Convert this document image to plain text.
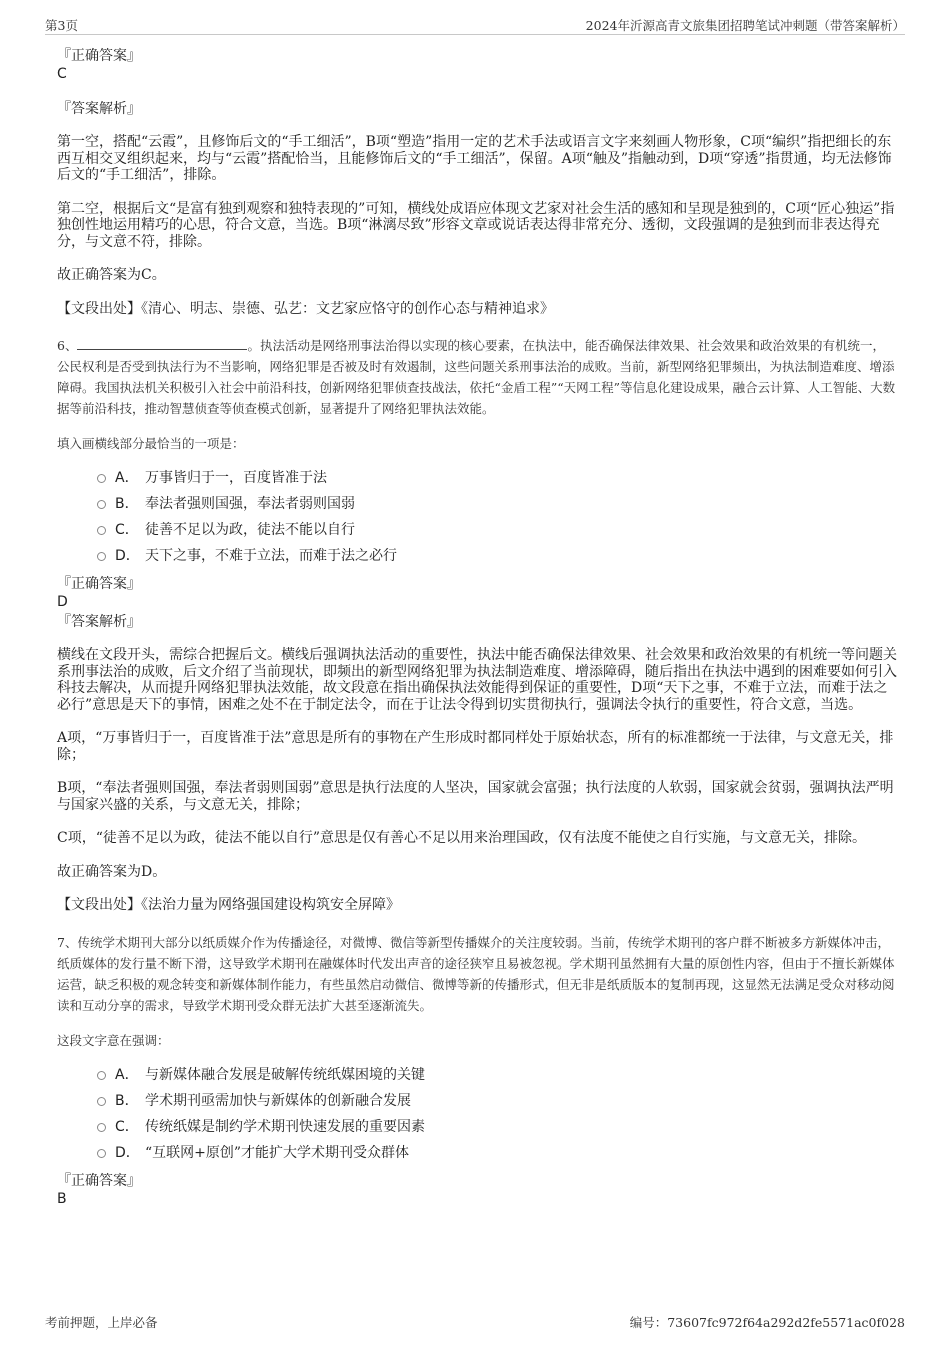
第3页	2024年沂源高青文旅集团招聘笔试冲刺题（带答案解析）
『正确答案』
C
『答案解析』

第一空，搭配“云霞”，且修饰后文的“手工细活”，B项“塑造”指用一定的艺术手法或语言文字来刻画人物形象，C项“编织”指把细长的东西互相交叉组织起来，均与“云霞”搭配恰当，且能修饰后文的“手工细活”，保留。A项“触及”指触动到，D项“穿透”指贯通，均无法修饰后文的“手工细活”，排除。

第二空，根据后文“是富有独到观察和独特表现的”可知，横线处成语应体现文艺家对社会生活的感知和呈现是独到的，C项“匠心独运”指独创性地运用精巧的心思，符合文意，当选。B项“淋漓尽致”形容文章或说话表达得非常充分、透彻，文段强调的是独到而非表达得充分，与文意不符，排除。

故正确答案为C。

【文段出处】《清心、明志、崇德、弘艺：文艺家应恪守的创作心态与精神追求》

6、	。执法活动是网络刑事法治得以实现的核心要素，在执法中，能否确保法律效果、社会效果和政治效果的有机统一，公民权利是否受到执法行为不当影响，网络犯罪是否被及时有效遏制，这些问题关系刑事法治的成败。当前，新型网络犯罪频出，为执法制造难度、增添障碍。我国执法机关积极引入社会中前沿科技，创新网络犯罪侦查技战法，依托“金盾工程”“天网工程”等信息化建设成果，融合云计算、人工智能、大数据等前沿科技，推动智慧侦查等侦查模式创新，显著提升了网络犯罪执法效能。

填入画横线部分最恰当的一项是：

A． 万事皆归于一，百度皆准于法
B． 奉法者强则国强，奉法者弱则国弱
C． 徒善不足以为政，徒法不能以自行
D． 天下之事，不难于立法，而难于法之必行
『正确答案』
D
『答案解析』

横线在文段开头，需综合把握后文。横线后强调执法活动的重要性，执法中能否确保法律效果、社会效果和政治效果的有机统一等问题关系刑事法治的成败，后文介绍了当前现状，即频出的新型网络犯罪为执法制造难度、增添障碍，随后指出在执法中遇到的困难要如何引入科技去解决，从而提升网络犯罪执法效能，故文段意在指出确保执法效能得到保证的重要性，D项“天下之事，不难于立法，而难于法之必行”意思是天下的事情，困难之处不在于制定法令，而在于让法令得到切实贯彻执行，强调法令执行的重要性，符合文意，当选。

A项，“万事皆归于一，百度皆准于法”意思是所有的事物在产生形成时都同样处于原始状态，所有的标准都统一于法律，与文意无关，排除；

B项，“奉法者强则国强，奉法者弱则国弱”意思是执行法度的人坚决，国家就会富强；执行法度的人软弱，国家就会贫弱，强调执法严明与国家兴盛的关系，与文意无关，排除；

C项，“徒善不足以为政，徒法不能以自行”意思是仅有善心不足以用来治理国政，仅有法度不能使之自行实施，与文意无关，排除。

故正确答案为D。

【文段出处】《法治力量为网络强国建设构筑安全屏障》

7、传统学术期刊大部分以纸质媒介作为传播途径，对微博、微信等新型传播媒介的关注度较弱。当前，传统学术期刊的客户群不断被多方新媒体冲击，纸质媒体的发行量不断下滑，这导致学术期刊在融媒体时代发出声音的途径狭窄且易被忽视。学术期刊虽然拥有大量的原创性内容，但由于不擅长新媒体运营，缺乏积极的观念转变和新媒体制作能力，有些虽然启动微信、微博等新的传播形式，但无非是纸质版本的复制再现，这显然无法满足受众对移动阅读和互动分享的需求，导致学术期刊受众群无法扩大甚至逐渐流失。

这段文字意在强调：

A． 与新媒体融合发展是破解传统纸媒困境的关键
B． 学术期刊亟需加快与新媒体的创新融合发展
C． 传统纸媒是制约学术期刊快速发展的重要因素
D． “互联网+原创”才能扩大学术期刊受众群体
『正确答案』
B
考前押题，上岸必备	编号：73607fc972f64a292d2fe5571ac0f028
